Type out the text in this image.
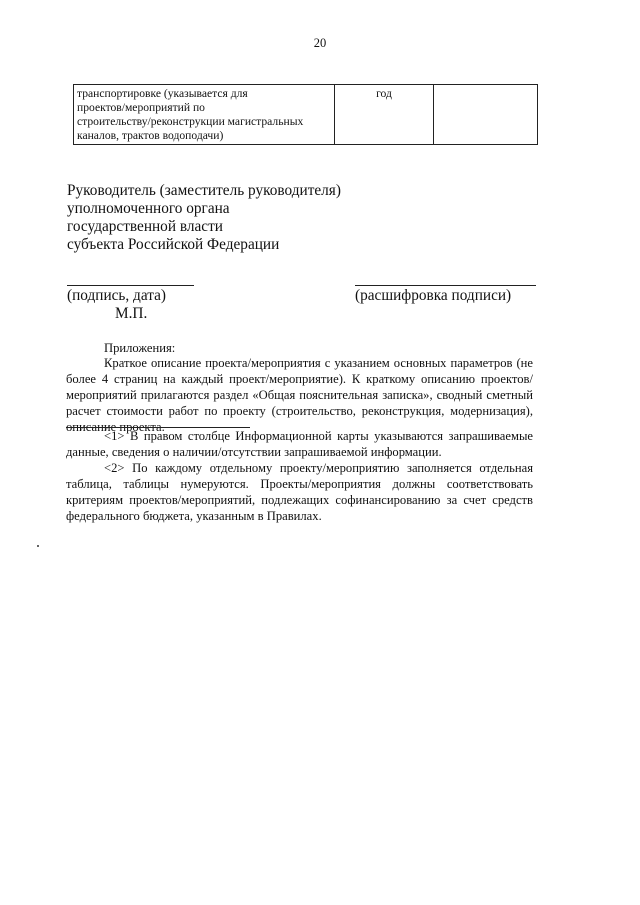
20
транспортировке (указывается для
проектов/мероприятий по
строительству/реконструкции магистральных
каналов, трактов водоподачи)
	год	
Руководитель (заместитель руководителя)
уполномоченного органа
государственной власти
субъекта Российской Федерации
(подпись, дата)
М.П.
(расшифровка подписи)
Приложения:
Краткое описание проекта/мероприятия с указанием основных параметров (не более 4 страниц на каждый проект/мероприятие). К краткому описанию проектов/мероприятий прилагаются раздел «Общая пояснительная записка», сводный сметный расчет стоимости работ по проекту (строительство, реконструкция, модернизация), описание проекта.
<1> В правом столбце Информационной карты указываются запрашиваемые данные, сведения о наличии/отсутствии запрашиваемой информации.
<2> По каждому отдельному проекту/мероприятию заполняется отдельная таблица, таблицы нумеруются. Проекты/мероприятия должны соответствовать критериям проектов/мероприятий, подлежащих софинансированию за счет средств федерального бюджета, указанным в Правилах.
